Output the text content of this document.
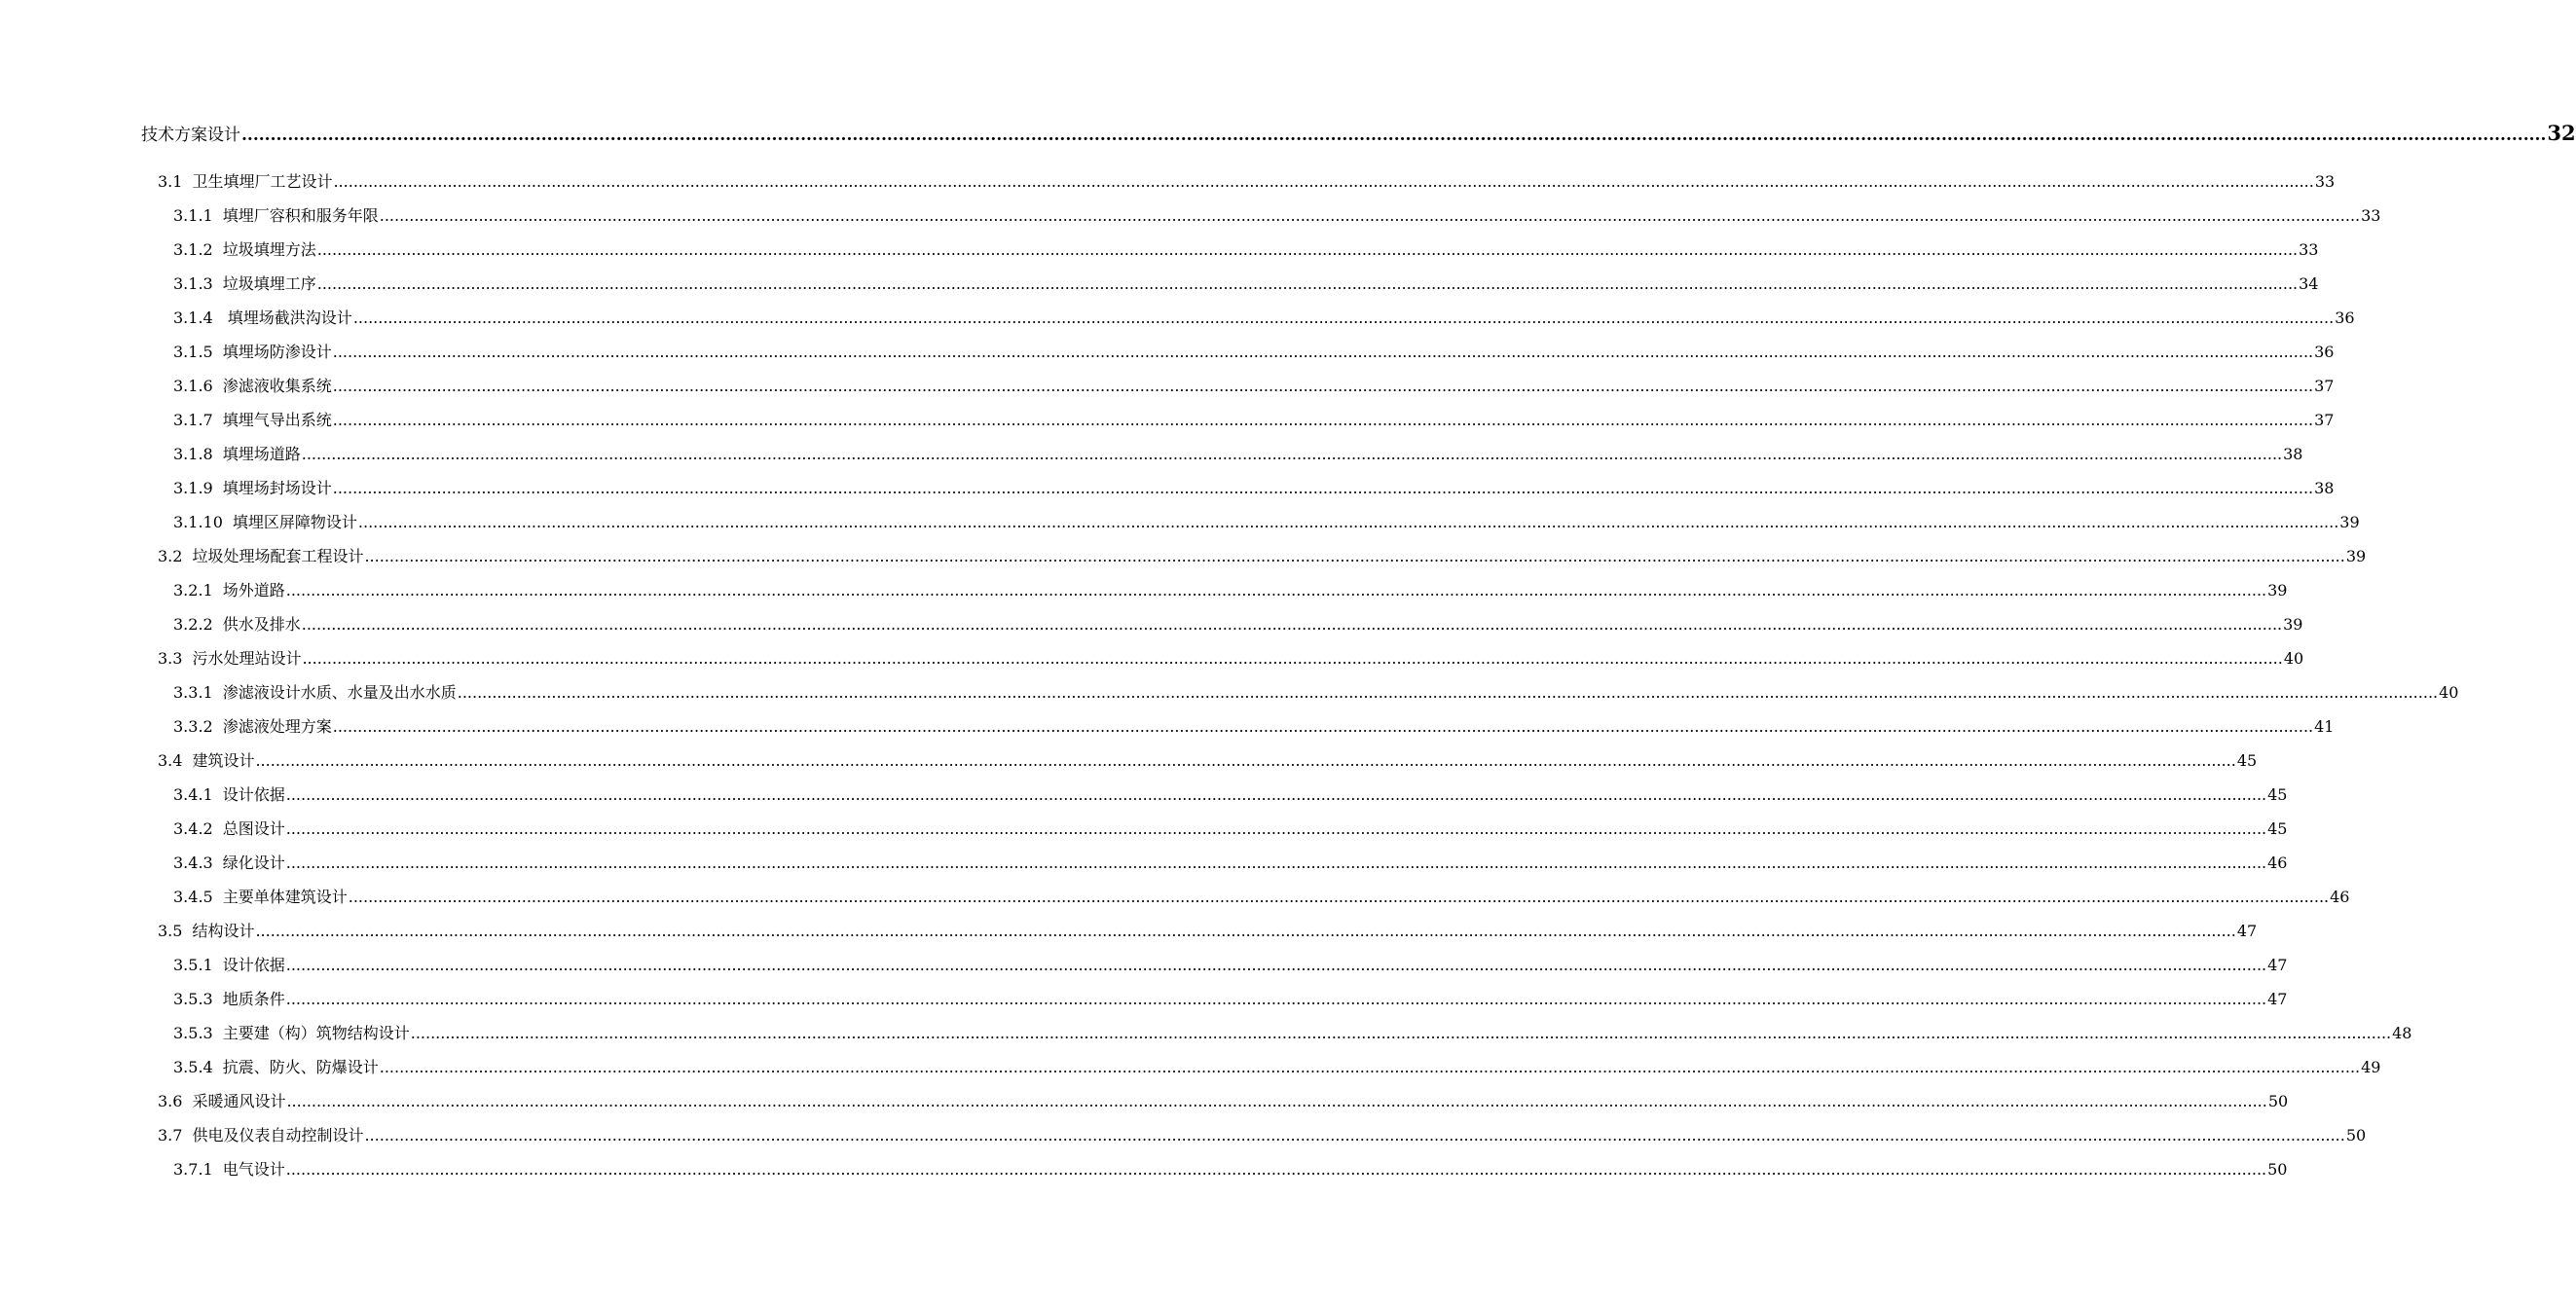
技术方案设计 ................................................................................................................................................................................................................................................................................................................................................................................................................ 32
3.1 卫生填埋厂工艺设计 ................................................................................................................................................................................................................................................................................................................................................................................................................ 33
3.1.1 填埋厂容积和服务年限 ................................................................................................................................................................................................................................................................................................................................................................................................................ 33
3.1.2 垃圾填埋方法 ................................................................................................................................................................................................................................................................................................................................................................................................................ 33
3.1.3 垃圾填埋工序 ................................................................................................................................................................................................................................................................................................................................................................................................................ 34
3.1.4 填埋场截洪沟设计 ................................................................................................................................................................................................................................................................................................................................................................................................................ 36
3.1.5 填埋场防渗设计 ................................................................................................................................................................................................................................................................................................................................................................................................................ 36
3.1.6 渗滤液收集系统 ................................................................................................................................................................................................................................................................................................................................................................................................................ 37
3.1.7 填埋气导出系统 ................................................................................................................................................................................................................................................................................................................................................................................................................ 37
3.1.8 填埋场道路 ................................................................................................................................................................................................................................................................................................................................................................................................................ 38
3.1.9 填埋场封场设计 ................................................................................................................................................................................................................................................................................................................................................................................................................ 38
3.1.10 填埋区屏障物设计 ................................................................................................................................................................................................................................................................................................................................................................................................................ 39
3.2 垃圾处理场配套工程设计 ................................................................................................................................................................................................................................................................................................................................................................................................................ 39
3.2.1 场外道路 ................................................................................................................................................................................................................................................................................................................................................................................................................ 39
3.2.2 供水及排水 ................................................................................................................................................................................................................................................................................................................................................................................................................ 39
3.3 污水处理站设计 ................................................................................................................................................................................................................................................................................................................................................................................................................ 40
3.3.1 渗滤液设计水质、水量及出水水质 ................................................................................................................................................................................................................................................................................................................................................................................................................ 40
3.3.2 渗滤液处理方案 ................................................................................................................................................................................................................................................................................................................................................................................................................ 41
3.4 建筑设计 ................................................................................................................................................................................................................................................................................................................................................................................................................ 45
3.4.1 设计依据 ................................................................................................................................................................................................................................................................................................................................................................................................................ 45
3.4.2 总图设计 ................................................................................................................................................................................................................................................................................................................................................................................................................ 45
3.4.3 绿化设计 ................................................................................................................................................................................................................................................................................................................................................................................................................ 46
3.4.5 主要单体建筑设计 ................................................................................................................................................................................................................................................................................................................................................................................................................ 46
3.5 结构设计 ................................................................................................................................................................................................................................................................................................................................................................................................................ 47
3.5.1 设计依据 ................................................................................................................................................................................................................................................................................................................................................................................................................ 47
3.5.3 地质条件 ................................................................................................................................................................................................................................................................................................................................................................................................................ 47
3.5.3 主要建（构）筑物结构设计 ................................................................................................................................................................................................................................................................................................................................................................................................................ 48
3.5.4 抗震、防火、防爆设计 ................................................................................................................................................................................................................................................................................................................................................................................................................ 49
3.6 采暖通风设计 ................................................................................................................................................................................................................................................................................................................................................................................................................ 50
3.7 供电及仪表自动控制设计 ................................................................................................................................................................................................................................................................................................................................................................................................................ 50
3.7.1 电气设计 ................................................................................................................................................................................................................................................................................................................................................................................................................ 50
